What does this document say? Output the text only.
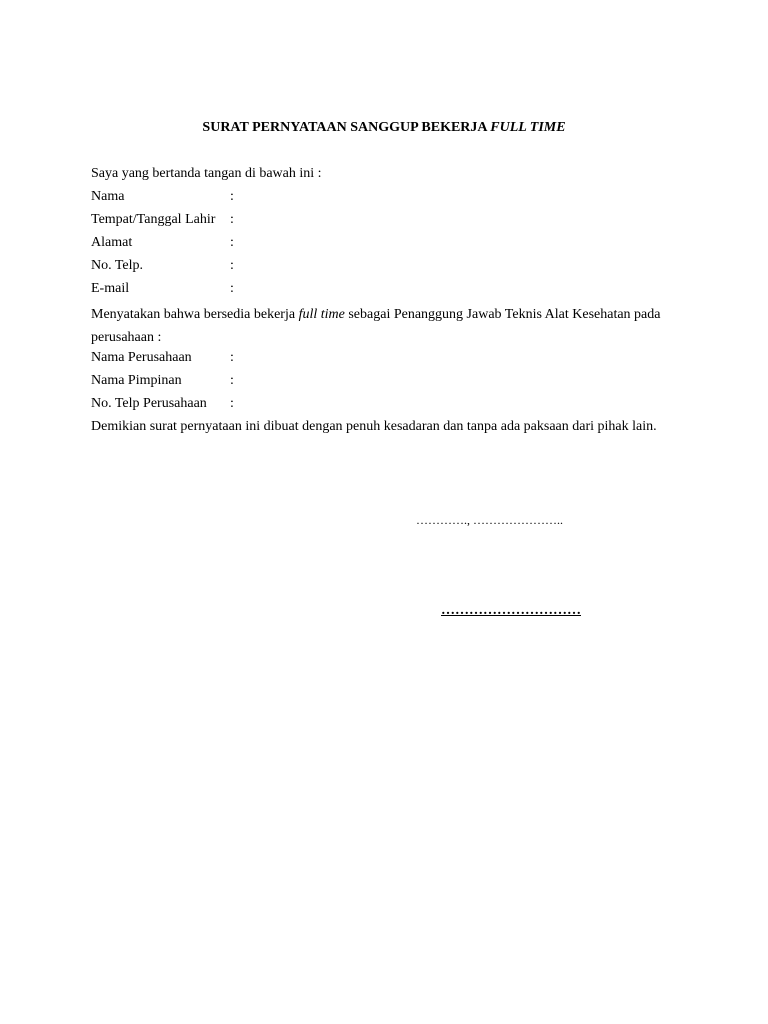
SURAT PERNYATAAN SANGGUP BEKERJA FULL TIME
Saya yang bertanda tangan di bawah ini :
Nama	:
Tempat/Tanggal Lahir	:
Alamat	:
No. Telp.	:
E-mail	:
Menyatakan bahwa bersedia bekerja full time sebagai Penanggung Jawab Teknis Alat Kesehatan pada perusahaan :
Nama Perusahaan	:
Nama Pimpinan	:
No. Telp Perusahaan	:
Demikian surat pernyataan ini dibuat dengan penuh kesadaran dan tanpa ada paksaan dari pihak lain.
…………., …………………..
…………………………
